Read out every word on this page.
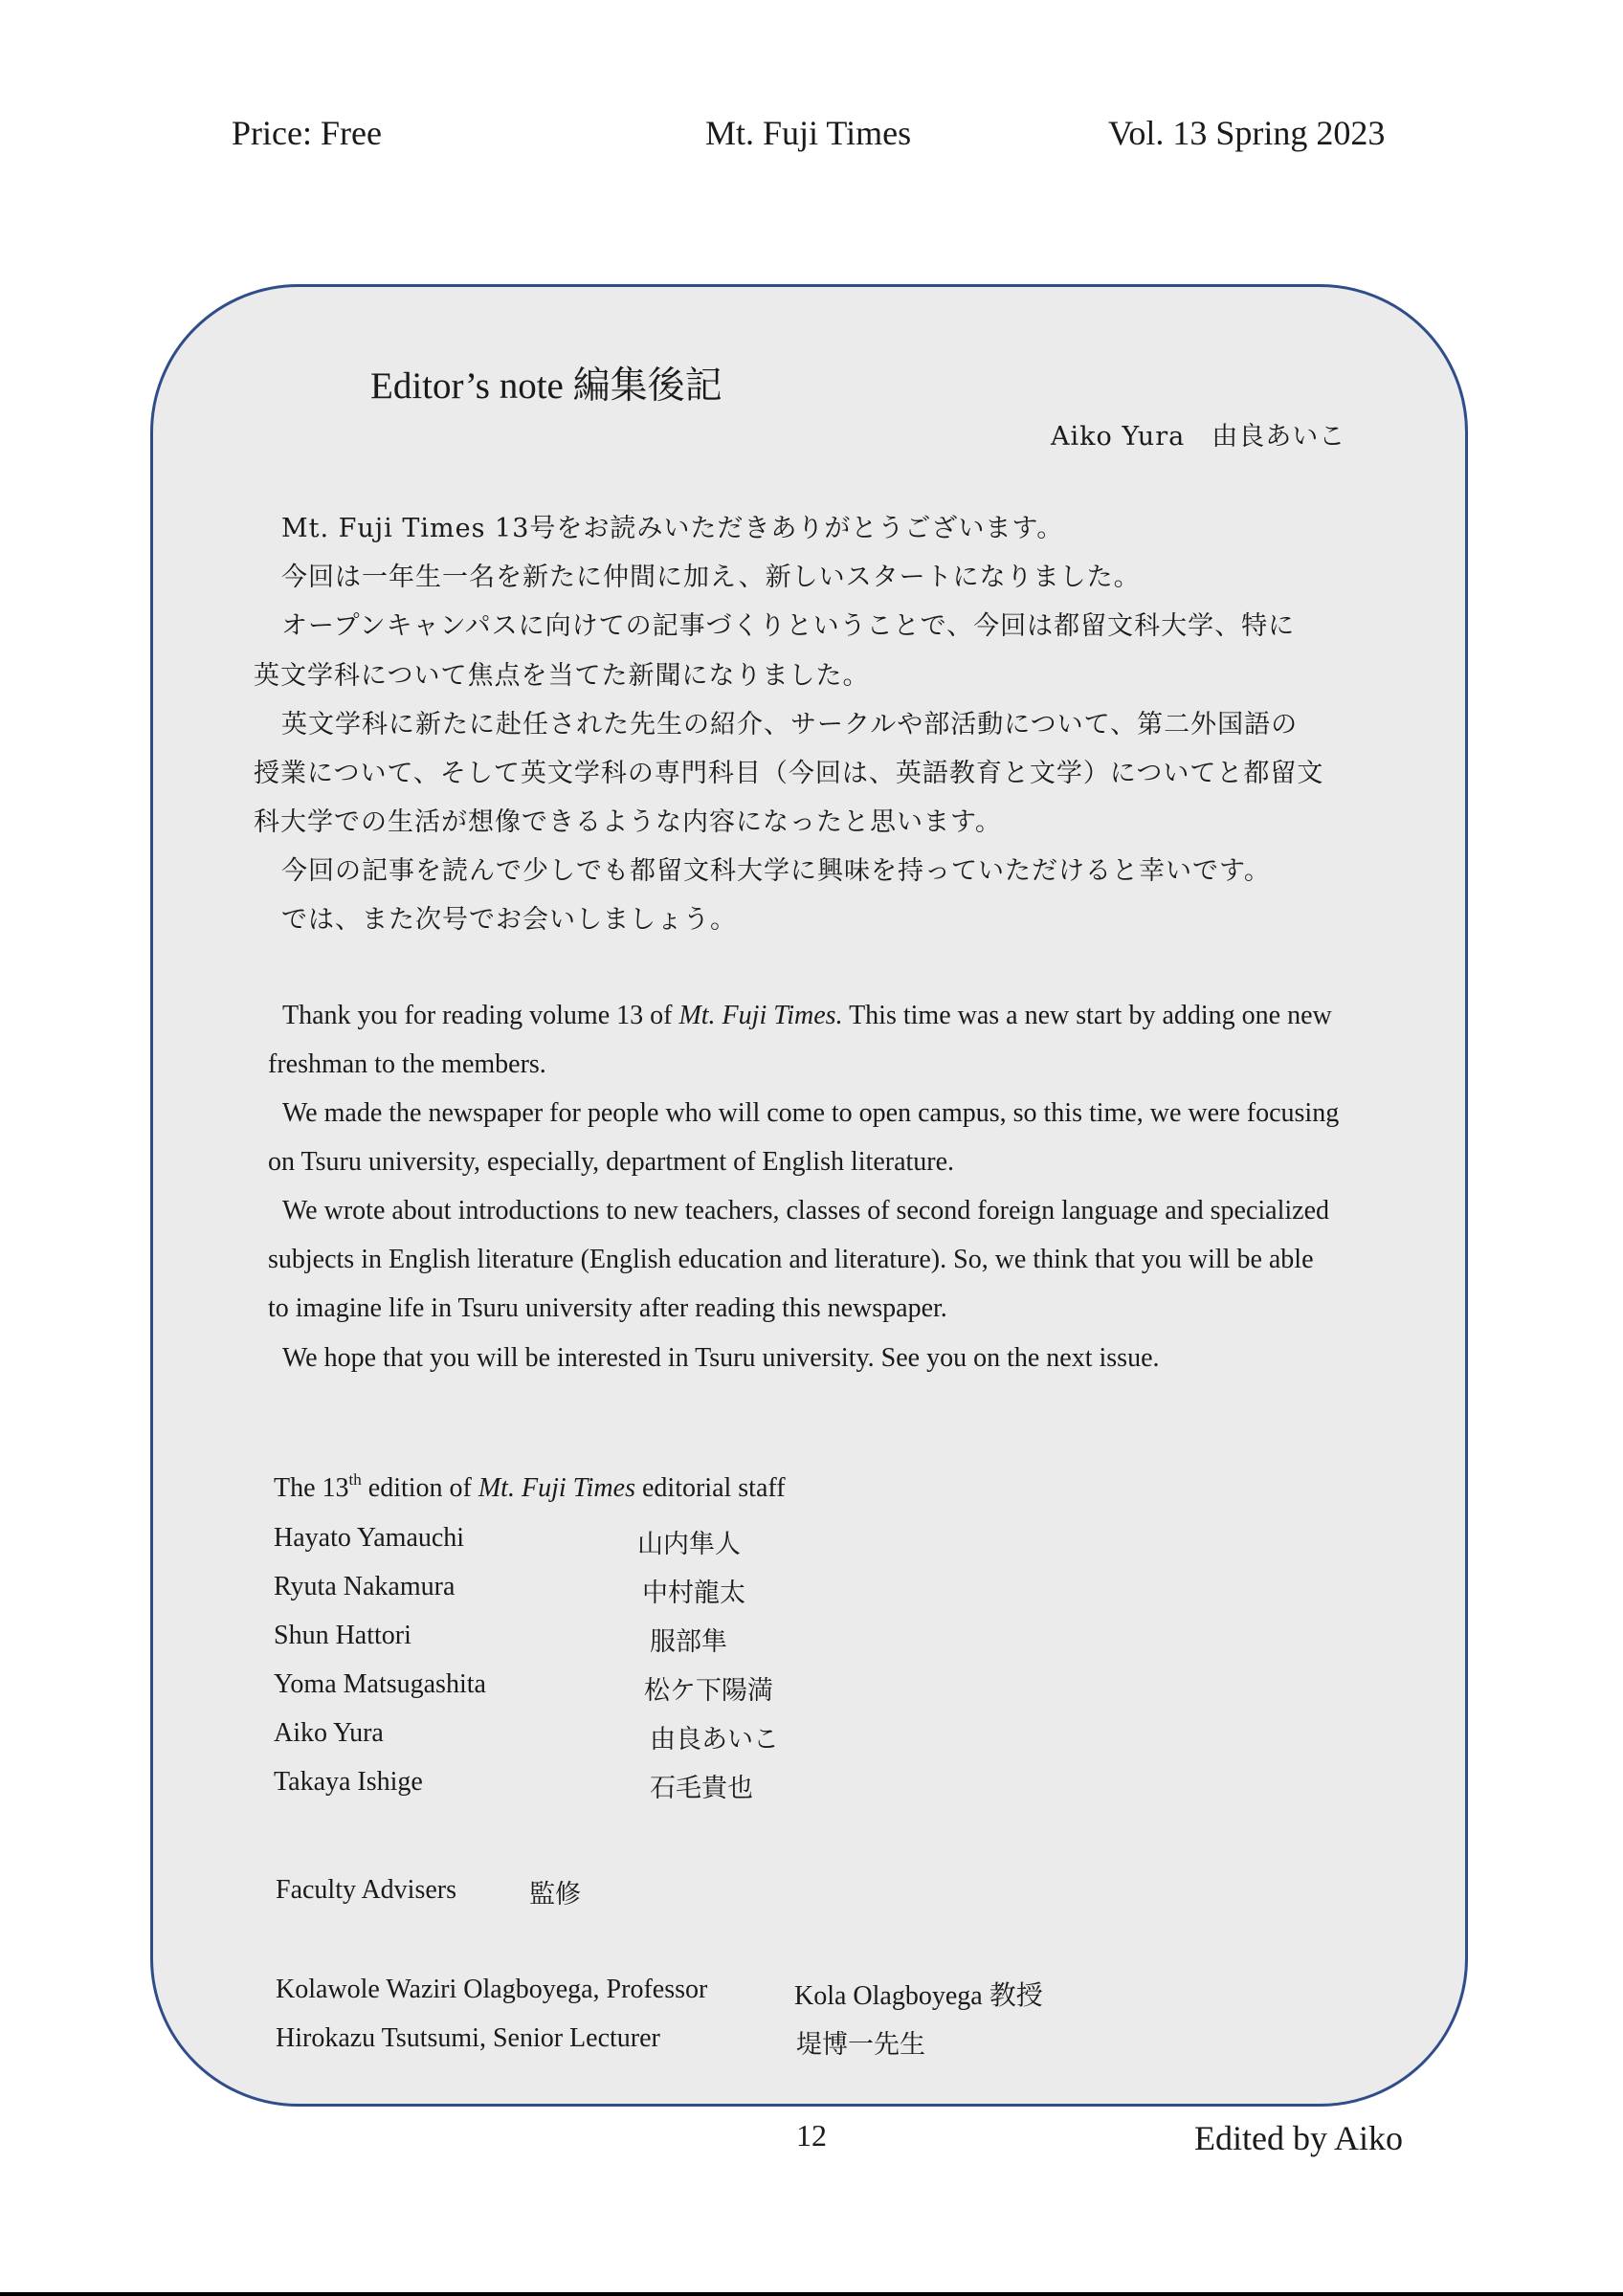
Price: Free	Mt. Fuji Times	Vol. 13 Spring 2023
Editor’s note 編集後記
Aiko Yura　由良あいこ
Mt. Fuji Times 13号をお読みいただきありがとうございます。
今回は一年生一名を新たに仲間に加え、新しいスタートになりました。
オープンキャンパスに向けての記事づくりということで、今回は都留文科大学、特に
英文学科について焦点を当てた新聞になりました。
英文学科に新たに赴任された先生の紹介、サークルや部活動について、第二外国語の
授業について、そして英文学科の専門科目（今回は、英語教育と文学）についてと都留文
科大学での生活が想像できるような内容になったと思います。
今回の記事を読んで少しでも都留文科大学に興味を持っていただけると幸いです。
では、また次号でお会いしましょう。
Thank you for reading volume 13 of Mt. Fuji Times. This time was a new start by adding one new
freshman to the members.
We made the newspaper for people who will come to open campus, so this time, we were focusing
on Tsuru university, especially, department of English literature.
We wrote about introductions to new teachers, classes of second foreign language and specialized
subjects in English literature (English education and literature). So, we think that you will be able
to imagine life in Tsuru university after reading this newspaper.
We hope that you will be interested in Tsuru university. See you on the next issue.
The 13th edition of Mt. Fuji Times editorial staff
Hayato Yamauchi	山内隼人
Ryuta Nakamura	中村龍太
Shun Hattori	服部隼
Yoma Matsugashita	松ケ下陽満
Aiko Yura	由良あいこ
Takaya Ishige	石毛貴也
Faculty Advisers	監修
Kolawole Waziri Olagboyega, Professor	Kola Olagboyega 教授
Hirokazu Tsutsumi, Senior Lecturer	堤博一先生
12	Edited by Aiko
